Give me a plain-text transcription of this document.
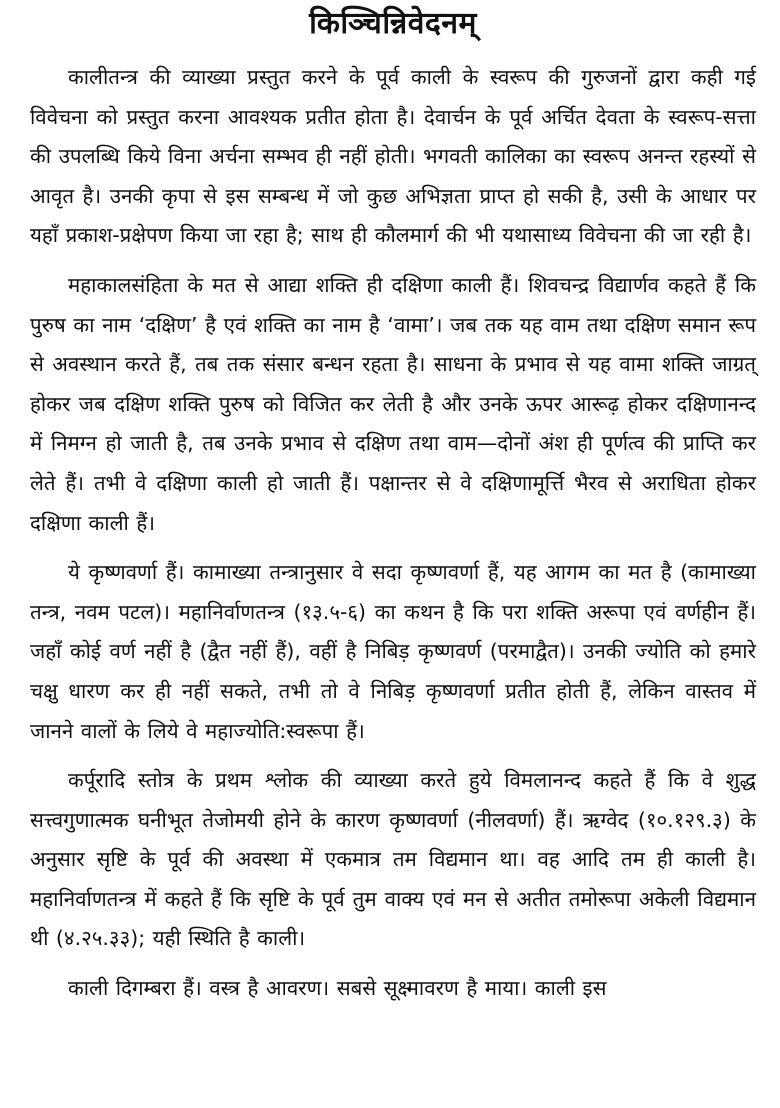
किञ्चिन्निवेदनम्

कालीतन्त्र की व्याख्या प्रस्तुत करने के पूर्व काली के स्वरूप की गुरुजनों द्वारा कही गई विवेचना को प्रस्तुत करना आवश्यक प्रतीत होता है। देवार्चन के पूर्व अर्चित देवता के स्वरूप-सत्ता की उपलब्धि किये विना अर्चना सम्भव ही नहीं होती। भगवती कालिका का स्वरूप अनन्त रहस्यों से आवृत है। उनकी कृपा से इस सम्बन्ध में जो कुछ अभिज्ञता प्राप्त हो सकी है, उसी के आधार पर यहाँ प्रकाश-प्रक्षेपण किया जा रहा है; साथ ही कौलमार्ग की भी यथासाध्य विवेचना की जा रही है।

महाकालसंहिता के मत से आद्या शक्ति ही दक्षिणा काली हैं। शिवचन्द्र विद्यार्णव कहते हैं कि पुरुष का नाम ‘दक्षिण’ है एवं शक्ति का नाम है ‘वामा’। जब तक यह वाम तथा दक्षिण समान रूप से अवस्थान करते हैं, तब तक संसार बन्धन रहता है। साधना के प्रभाव से यह वामा शक्ति जाग्रत् होकर जब दक्षिण शक्ति पुरुष को विजित कर लेती है और उनके ऊपर आरूढ़ होकर दक्षिणानन्द में निमग्न हो जाती है, तब उनके प्रभाव से दक्षिण तथा वाम—दोनों अंश ही पूर्णत्व की प्राप्ति कर लेते हैं। तभी वे दक्षिणा काली हो जाती हैं। पक्षान्तर से वे दक्षिणामूर्त्ति भैरव से अराधिता होकर दक्षिणा काली हैं।

ये कृष्णवर्णा हैं। कामाख्या तन्त्रानुसार वे सदा कृष्णवर्णा हैं, यह आगम का मत है (कामाख्या तन्त्र, नवम पटल)। महानिर्वाणतन्त्र (१३.५-६) का कथन है कि परा शक्ति अरूपा एवं वर्णहीन हैं। जहाँ कोई वर्ण नहीं है (द्वैत नहीं हैं), वहीं है निबिड़ कृष्णवर्ण (परमाद्वैत)। उनकी ज्योति को हमारे चक्षु धारण कर ही नहीं सकते, तभी तो वे निबिड़ कृष्णवर्णा प्रतीत होती हैं, लेकिन वास्तव में जानने वालों के लिये वे महाज्योति:स्वरूपा हैं।

कर्पूरादि स्तोत्र के प्रथम श्लोक की व्याख्या करते हुये विमलानन्द कहते हैं कि वे शुद्ध सत्त्वगुणात्मक घनीभूत तेजोमयी होने के कारण कृष्णवर्णा (नीलवर्णा) हैं। ऋग्वेद (१०.१२९.३) के अनुसार सृष्टि के पूर्व की अवस्था में एकमात्र तम विद्यमान था। वह आदि तम ही काली है। महानिर्वाणतन्त्र में कहते हैं कि सृष्टि के पूर्व तुम वाक्य एवं मन से अतीत तमोरूपा अकेली विद्यमान थी (४.२५.३३); यही स्थिति है काली।

काली दिगम्बरा हैं। वस्त्र है आवरण। सबसे सूक्ष्मावरण है माया। काली इस
